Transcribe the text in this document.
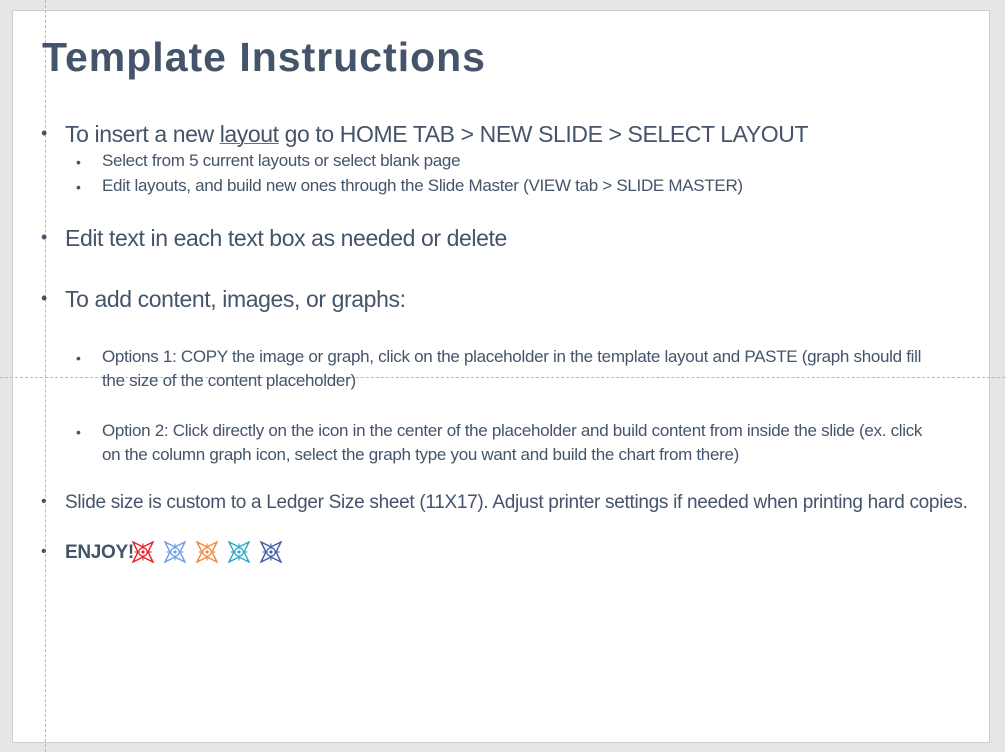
Template Instructions
• To insert a new layout go to HOME TAB > NEW SLIDE > SELECT LAYOUT
• Select from 5 current layouts or select blank page
• Edit layouts, and build new ones through the Slide Master (VIEW tab > SLIDE MASTER)
• Edit text in each text box as needed or delete
• To add content, images, or graphs:
• Options 1: COPY the image or graph, click on the placeholder in the template layout and PASTE (graph should fill the size of the content placeholder)
• Option 2: Click directly on the icon in the center of the placeholder and build content from inside the slide (ex. click on the column graph icon, select the graph type you want and build the chart from there)
• Slide size is custom to a Ledger Size sheet (11X17). Adjust printer settings if needed when printing hard copies.
• ENJOY!
